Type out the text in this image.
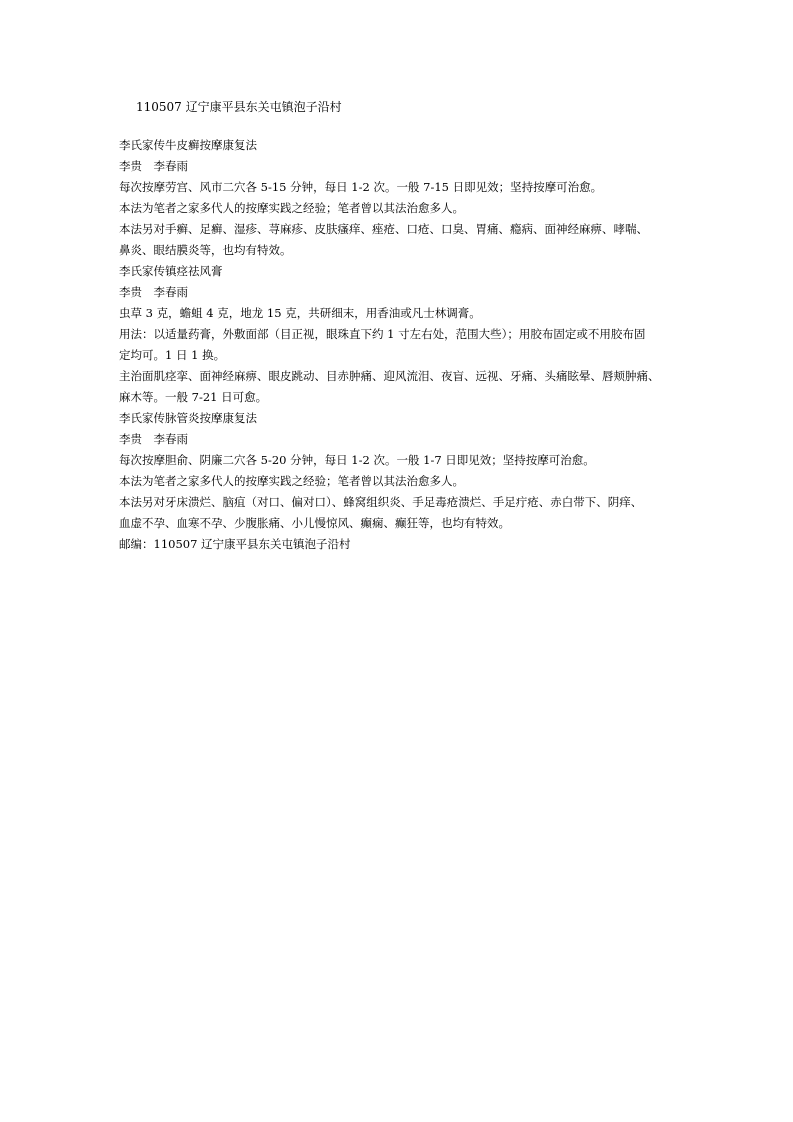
110507 辽宁康平县东关屯镇泡子沿村

李氏家传牛皮癣按摩康复法

李贵　李春雨

每次按摩劳宫、风市二穴各 5-15 分钟，每日 1-2 次。一般 7-15 日即见效；坚持按摩可治愈。

本法为笔者之家多代人的按摩实践之经验；笔者曾以其法治愈多人。

本法另对手癣、足癣、湿疹、荨麻疹、皮肤瘙痒、痤疮、口疮、口臭、胃痛、瘾病、面神经麻痹、哮喘、

鼻炎、眼结膜炎等，也均有特效。

李氏家传镇痉祛风膏

李贵　李春雨

虫草 3 克，蟾蛆 4 克，地龙 15 克，共研细末，用香油或凡士林调膏。

用法：以适量药膏，外敷面部（目正视，眼珠直下约 1 寸左右处，范围大些）；用胶布固定或不用胶布固

定均可。1 日 1 换。

主治面肌痉挛、面神经麻痹、眼皮跳动、目赤肿痛、迎风流泪、夜盲、远视、牙痛、头痛眩晕、唇颊肿痛、

麻木等。一般 7-21 日可愈。

李氏家传脉管炎按摩康复法

李贵　李春雨

每次按摩胆俞、阴廉二穴各 5-20 分钟，每日 1-2 次。一般 1-7 日即见效；坚持按摩可治愈。

本法为笔者之家多代人的按摩实践之经验；笔者曾以其法治愈多人。

本法另对牙床溃烂、脑疽（对口、偏对口）、蜂窝组织炎、手足毒疮溃烂、手足疔疮、赤白带下、阴痒、

血虚不孕、血寒不孕、少腹胀痛、小儿慢惊风、癫痫、癫狂等，也均有特效。

邮编：110507 辽宁康平县东关屯镇泡子沿村
